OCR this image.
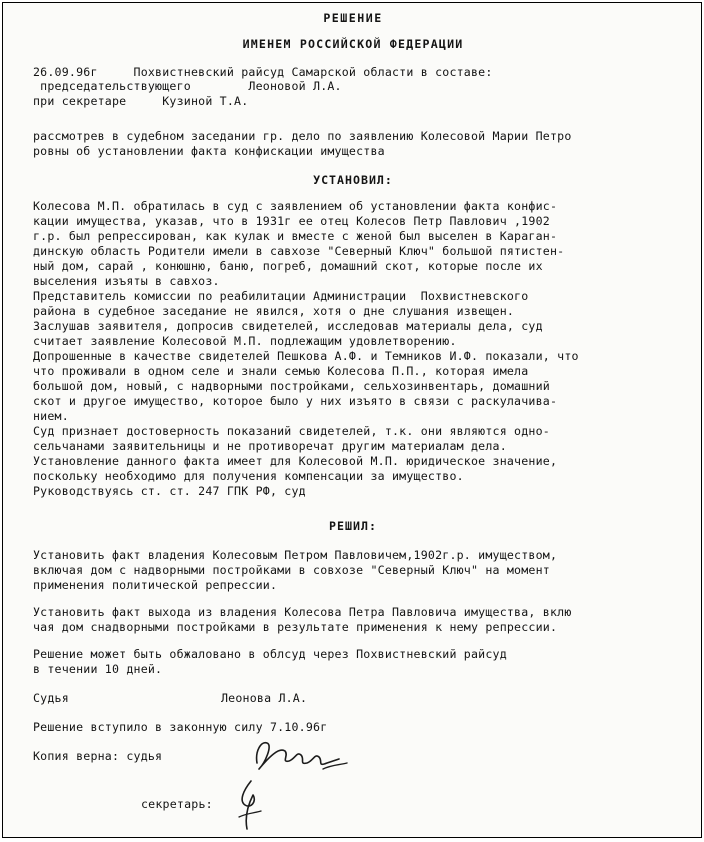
РЕШЕНИЕ
ИМЕНЕМ РОССИЙСКОЙ ФЕДЕРАЦИИ
26.09.96г     Похвистневский райсуд Самарской области в составе:
председательствующего        Леоновой Л.А.
при секретаре     Кузиной Т.А.
рассмотрев в судебном заседании гр. дело по заявлению Колесовой Марии Петро
ровны об установлении факта конфискации имущества
УСТАНОВИЛ:
Колесова М.П. обратилась в суд с заявлением об установлении факта конфис-
кации имущества, указав, что в 1931г ее отец Колесов Петр Павлович ,1902
г.р. был репрессирован, как кулак и вместе с женой был выселен в Караган-
динскую область Родители имели в савхозе "Северный Ключ" большой пятистен-
ный дом, сарай , конюшню, баню, погреб, домашний скот, которые после их
выселения изъяты в савхоз.
Представитель комиссии по реабилитации Администрации  Похвистневского
района в судебное заседание не явился, хотя о дне слушания извещен.
Заслушав заявителя, допросив свидетелей, исследовав материалы дела, суд
считает заявление Колесовой М.П. подлежащим удовлетворению.
Допрошенные в качестве свидетелей Пешкова А.Ф. и Темников И.Ф. показали, что
что проживали в одном селе и знали семью Колесова П.П., которая имела
большой дом, новый, с надворными постройками, сельхозинвентарь, домашний
скот и другое имущество, которое было у них изъято в связи с раскулачива-
нием.
Суд признает достоверность показаний свидетелей, т.к. они являются одно-
сельчанами заявительницы и не противоречат другим материалам дела.
Установление данного факта имеет для Колесовой М.П. юридическое значение,
поскольку необходимо для получения компенсации за имущество.
Руководствуясь ст. ст. 247 ГПК РФ, суд
РЕШИЛ:
Установить факт владения Колесовым Петром Павловичем,1902г.р. имуществом,
включая дом с надворными постройками в совхозе "Северный Ключ" на момент
применения политической репрессии.
Установить факт выхода из владения Колесова Петра Павловича имущества, вклю
чая дом снадворными постройками в результате применения к нему репрессии.
Решение может быть обжаловано в облсуд через Похвистневский райсуд
в течении 10 дней.
Судья	Леонова Л.А.
Решение вступило в законную силу 7.10.96г
Копия верна: судья
секретарь:
